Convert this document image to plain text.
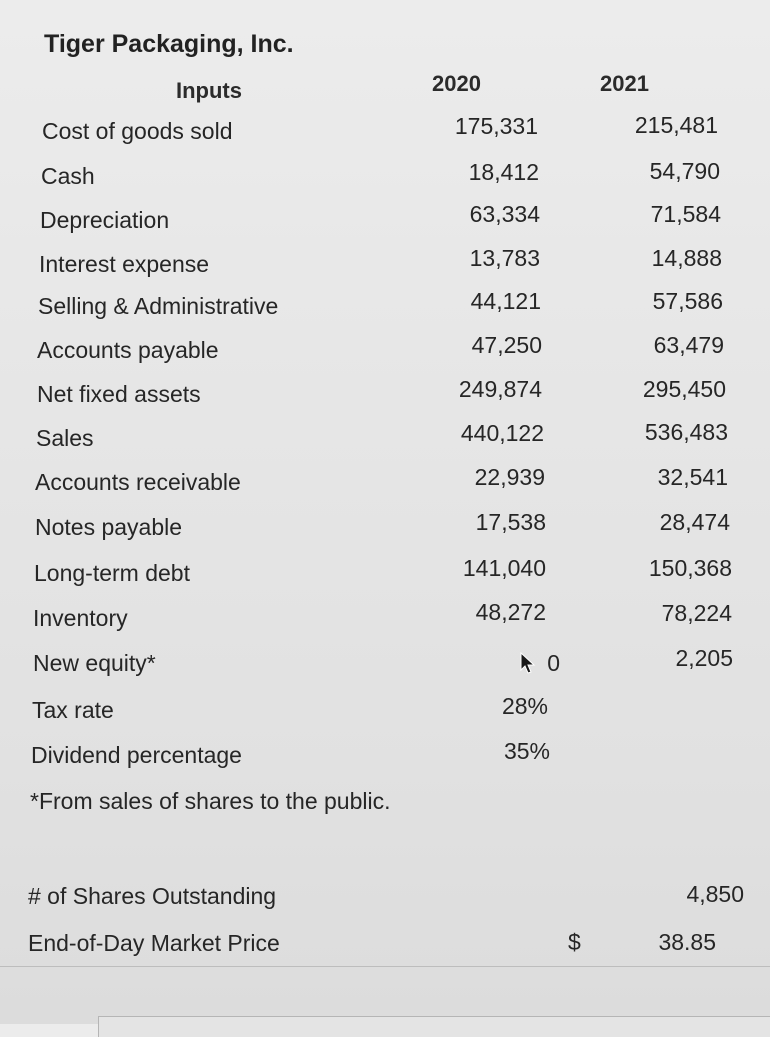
Tiger Packaging, Inc.
Inputs	2020	2021
Cost of goods sold	175,331	215,481
Cash	18,412	54,790
Depreciation	63,334	71,584
Interest expense	13,783	14,888
Selling & Administrative	44,121	57,586
Accounts payable	47,250	63,479
Net fixed assets	249,874	295,450
Sales	440,122	536,483
Accounts receivable	22,939	32,541
Notes payable	17,538	28,474
Long-term debt	141,040	150,368
Inventory	48,272	78,224
New equity*	0	2,205
Tax rate	28%
Dividend percentage	35%
*From sales of shares to the public.
# of Shares Outstanding	4,850
End-of-Day Market Price	$	38.85
